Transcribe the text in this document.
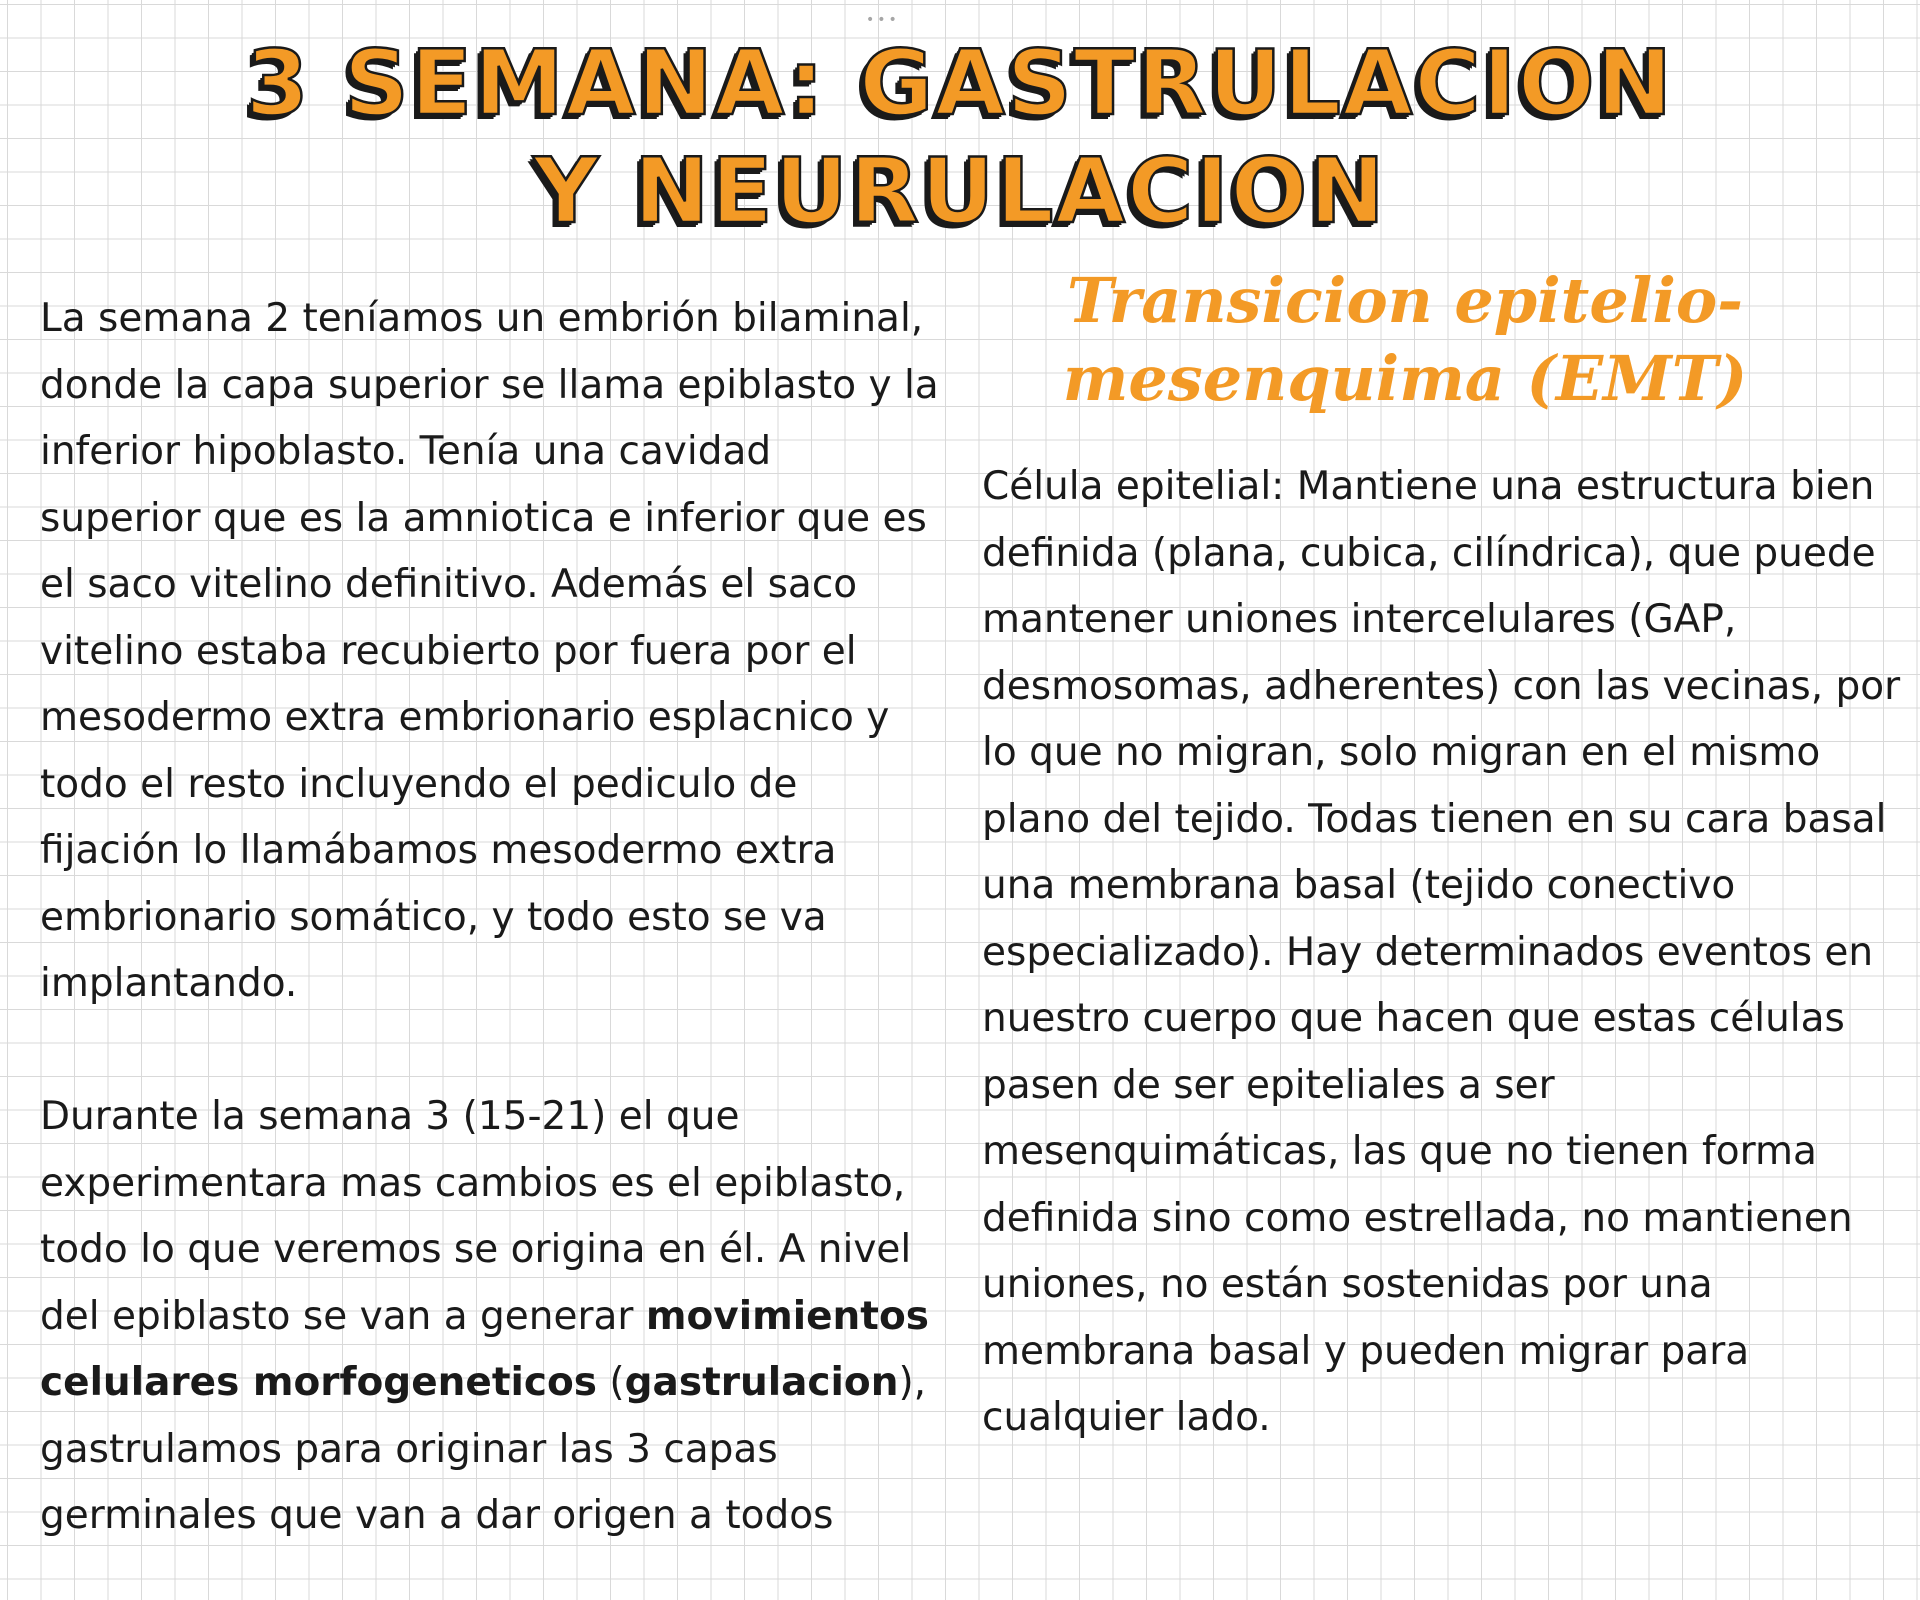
•••
3 SEMANA: GASTRULACION
Y NEURULACION

La semana 2 teníamos un embrión bilaminal, donde la capa superior se llama epiblasto y la inferior hipoblasto. Tenía una cavidad superior que es la amniotica e inferior que es el saco vitelino definitivo. Además el saco vitelino estaba recubierto por fuera por el mesodermo extra embrionario esplacnico y todo el resto incluyendo el pediculo de fijación lo llamábamos mesodermo extra embrionario somático, y todo esto se va implantando.

Durante la semana 3 (15-21) el que experimentara mas cambios es el epiblasto, todo lo que veremos se origina en él. A nivel del epiblasto se van a generar movimientos celulares morfogeneticos (gastrulacion), gastrulamos para originar las 3 capas germinales que van a dar origen a todos

Transicion epitelio-mesenquima (EMT)

Célula epitelial: Mantiene una estructura bien definida (plana, cubica, cilíndrica), que puede mantener uniones intercelulares (GAP, desmosomas, adherentes) con las vecinas, por lo que no migran, solo migran en el mismo plano del tejido. Todas tienen en su cara basal una membrana basal (tejido conectivo especializado). Hay determinados eventos en nuestro cuerpo que hacen que estas células pasen de ser epiteliales a ser mesenquimáticas, las que no tienen forma definida sino como estrellada, no mantienen uniones, no están sostenidas por una membrana basal y pueden migrar para cualquier lado.
